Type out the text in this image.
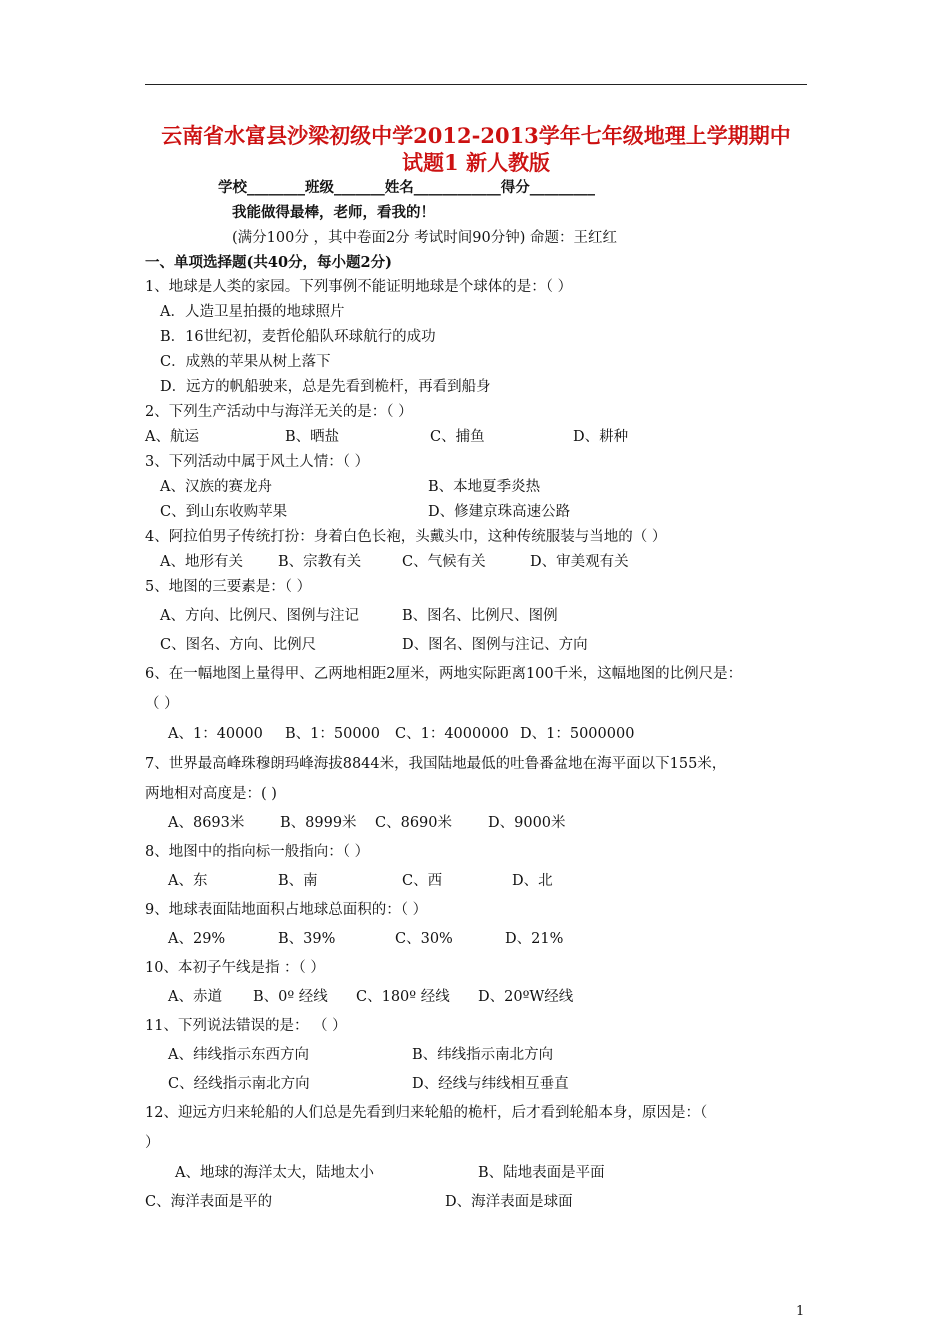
云南省水富县沙梁初级中学2012-2013学年七年级地理上学期期中
试题1 新人教版
学校________班级_______姓名____________得分_________
我能做得最棒，老师，看我的！
(满分100分 ，其中卷面2分 考试时间90分钟) 命题：王红红
一、单项选择题(共40分，每小题2分)
1、地球是人类的家园。下列事例不能证明地球是个球体的是：（ ）
A．人造卫星拍摄的地球照片
B．16世纪初，麦哲伦船队环球航行的成功
C．成熟的苹果从树上落下
D．远方的帆船驶来，总是先看到桅杆，再看到船身
2、下列生产活动中与海洋无关的是：（ ）
A、航运	B、晒盐	C、捕鱼	D、耕种
3、下列活动中属于风土人情：（ ）
A、汉族的赛龙舟	B、本地夏季炎热
C、到山东收购苹果	D、修建京珠高速公路
4、阿拉伯男子传统打扮：身着白色长袍，头戴头巾，这种传统服装与当地的（ ）
A、地形有关 B、宗教有关	C、气候有关	D、审美观有关
5、地图的三要素是：（ ）
A、方向、比例尺、图例与注记	B、图名、比例尺、图例
C、图名、方向、比例尺	D、图名、图例与注记、方向
6、在一幅地图上量得甲、乙两地相距2厘米，两地实际距离100千米，这幅地图的比例尺是：
（ ）
A、1：40000 B、1：50000 C、1：4000000 D、1：5000000
7、世界最高峰珠穆朗玛峰海拔8844米，我国陆地最低的吐鲁番盆地在海平面以下155米，
两地相对高度是：( )
A、8693米 B、8999米 C、8690米 D、9000米
8、地图中的指向标一般指向：（ ）
A、东	B、南	C、西	D、北
9、地球表面陆地面积占地球总面积的：（ ）
A、29%	B、39%	C、30%	D、21%
10、本初子午线是指 ：（ ）
A、赤道 B、0º 经线 C、180º 经线 D、20ºW经线
11、下列说法错误的是： （ ）
A、纬线指示东西方向	B、纬线指示南北方向
C、经线指示南北方向	D、经线与纬线相互垂直
12、迎远方归来轮船的人们总是先看到归来轮船的桅杆，后才看到轮船本身，原因是：（
）
A、地球的海洋太大，陆地太小	B、陆地表面是平面
C、海洋表面是平的	D、海洋表面是球面
1
